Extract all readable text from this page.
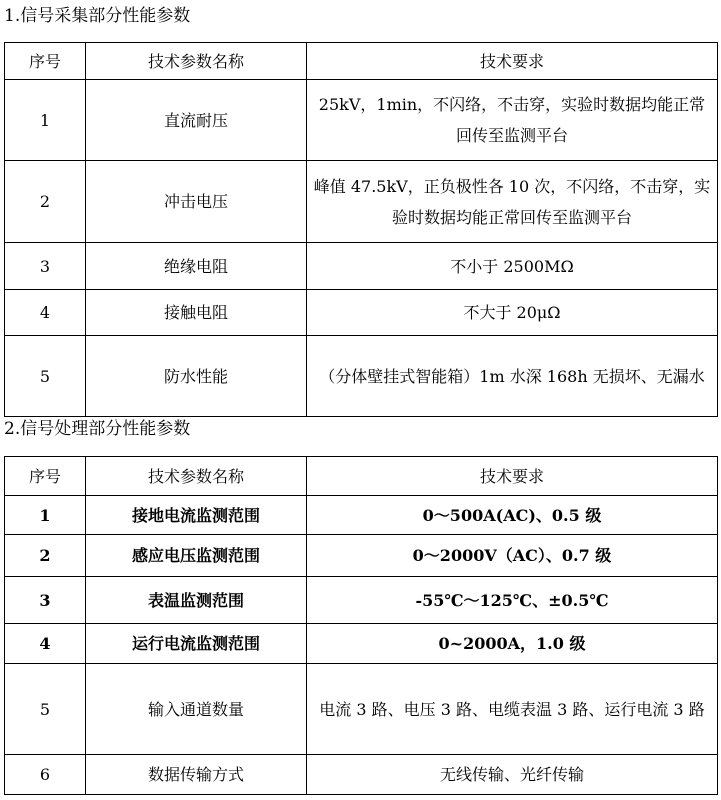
1.信号采集部分性能参数
序号	技术参数名称	技术要求
1	直流耐压	25kV，1min，不闪络，不击穿，实验时数据均能正常回传至监测平台
2	冲击电压	峰值 47.5kV，正负极性各 10 次，不闪络，不击穿，实验时数据均能正常回传至监测平台
3	绝缘电阻	不小于 2500MΩ
4	接触电阻	不大于 20μΩ
5	防水性能	（分体壁挂式智能箱）1m 水深 168h 无损坏、无漏水
2.信号处理部分性能参数
序号	技术参数名称	技术要求
1	接地电流监测范围	0～500A(AC)、0.5 级
2	感应电压监测范围	0～2000V（AC）、0.7 级
3	表温监测范围	-55℃～125℃、±0.5℃
4	运行电流监测范围	0~2000A，1.0 级
5	输入通道数量	电流 3 路、电压 3 路、电缆表温 3 路、运行电流 3 路
6	数据传输方式	无线传输、光纤传输
